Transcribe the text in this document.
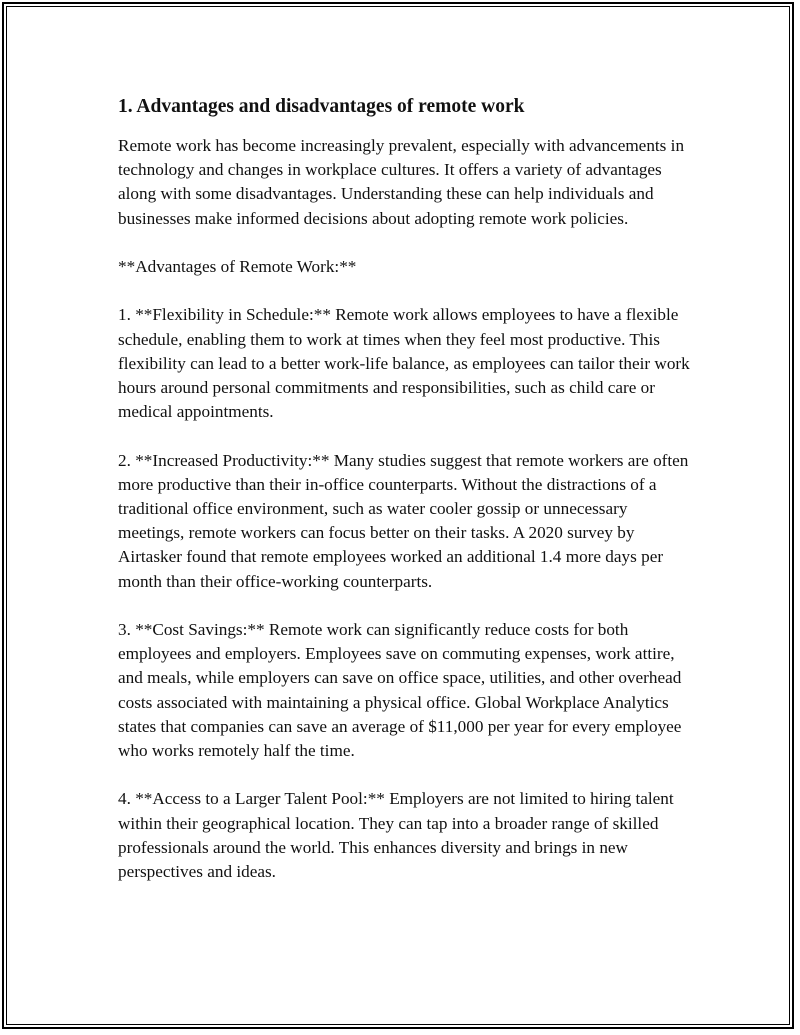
1. Advantages and disadvantages of remote work

Remote work has become increasingly prevalent, especially with advancements in technology and changes in workplace cultures. It offers a variety of advantages along with some disadvantages. Understanding these can help individuals and businesses make informed decisions about adopting remote work policies.

**Advantages of Remote Work:**

1. **Flexibility in Schedule:** Remote work allows employees to have a flexible schedule, enabling them to work at times when they feel most productive. This flexibility can lead to a better work-life balance, as employees can tailor their work hours around personal commitments and responsibilities, such as child care or medical appointments.

2. **Increased Productivity:** Many studies suggest that remote workers are often more productive than their in-office counterparts. Without the distractions of a traditional office environment, such as water cooler gossip or unnecessary meetings, remote workers can focus better on their tasks. A 2020 survey by Airtasker found that remote employees worked an additional 1.4 more days per month than their office-working counterparts.

3. **Cost Savings:** Remote work can significantly reduce costs for both employees and employers. Employees save on commuting expenses, work attire, and meals, while employers can save on office space, utilities, and other overhead costs associated with maintaining a physical office. Global Workplace Analytics states that companies can save an average of $11,000 per year for every employee who works remotely half the time.

4. **Access to a Larger Talent Pool:** Employers are not limited to hiring talent within their geographical location. They can tap into a broader range of skilled professionals around the world. This enhances diversity and brings in new perspectives and ideas.
